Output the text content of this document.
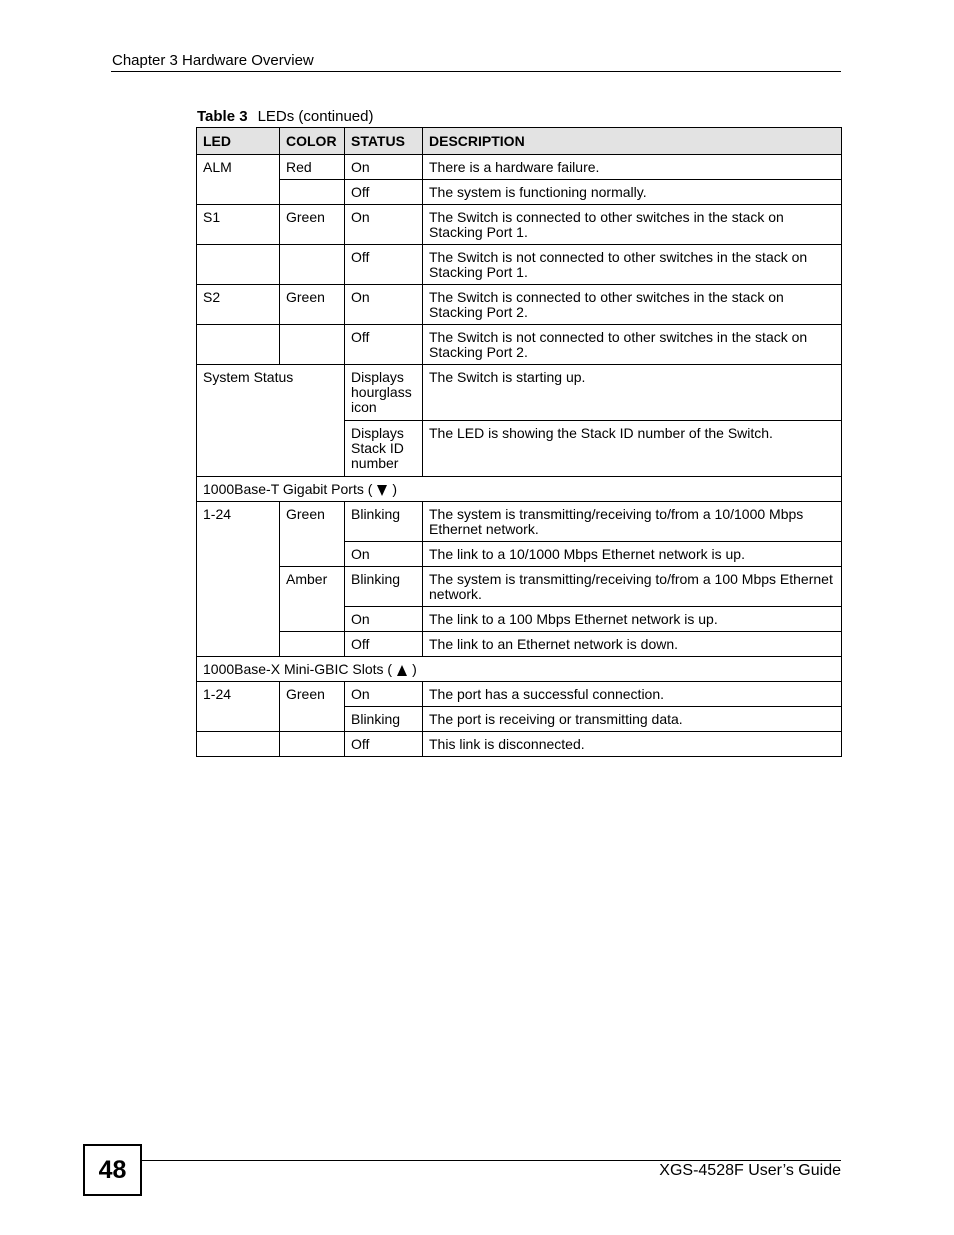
Chapter 3 Hardware Overview
Table 3 LEDs (continued)
LED	COLOR	STATUS	DESCRIPTION
ALM	Red	On	There is a hardware failure.
		Off	The system is functioning normally.
S1	Green	On	The Switch is connected to other switches in the stack on Stacking Port 1.
		Off	The Switch is not connected to other switches in the stack on Stacking Port 1.
S2	Green	On	The Switch is connected to other switches in the stack on Stacking Port 2.
		Off	The Switch is not connected to other switches in the stack on Stacking Port 2.
System Status		Displays hourglass icon	The Switch is starting up.
		Displays Stack ID number	The LED is showing the Stack ID number of the Switch.
1000Base-T Gigabit Ports ( )			
1-24	Green	Blinking	The system is transmitting/receiving to/from a 10/1000 Mbps Ethernet network.
		On	The link to a 10/1000 Mbps Ethernet network is up.
	Amber	Blinking	The system is transmitting/receiving to/from a 100 Mbps Ethernet network.
		On	The link to a 100 Mbps Ethernet network is up.
		Off	The link to an Ethernet network is down.
1000Base-X Mini-GBIC Slots ( )			
1-24	Green	On	The port has a successful connection.
		Blinking	The port is receiving or transmitting data.
		Off	This link is disconnected.
48	XGS-4528F User’s Guide
